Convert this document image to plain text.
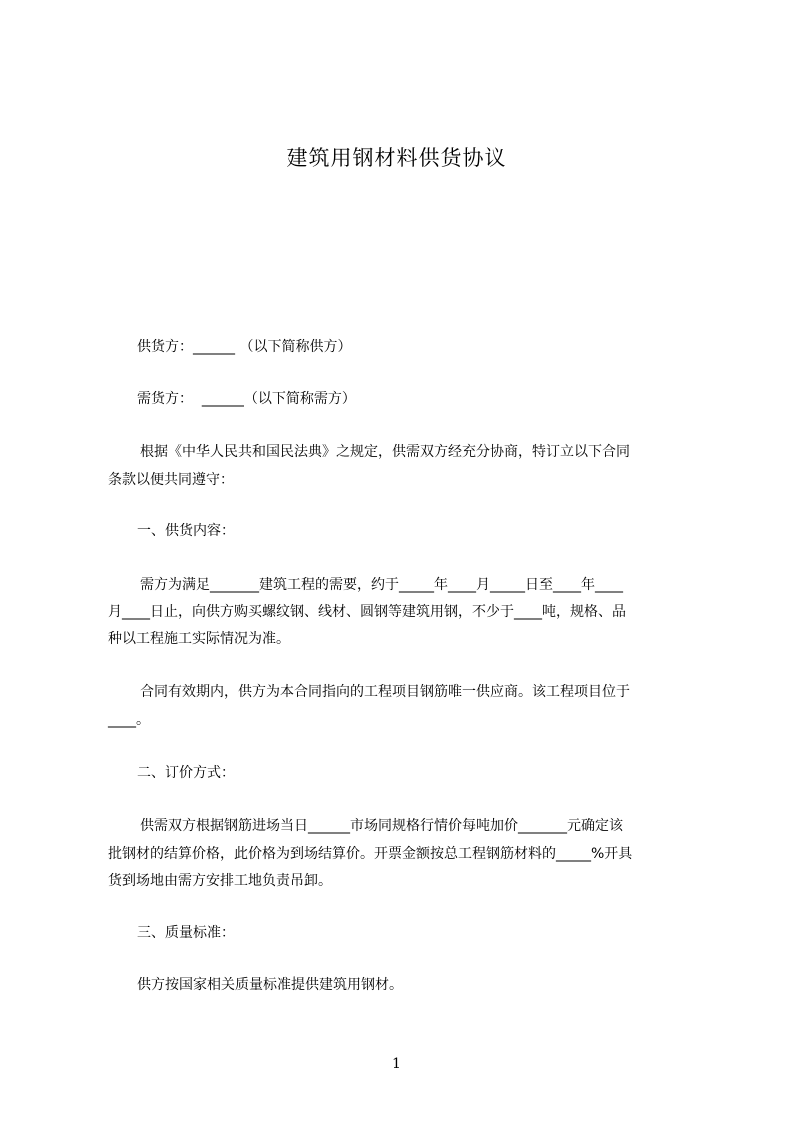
建筑用钢材料供货协议
供货方：______ （以下简称供方）
需货方：  ______（以下简称需方）
根据《中华人民共和国民法典》之规定，供需双方经充分协商，特订立以下合同
条款以便共同遵守：
一、供货内容：
需方为满足_______建筑工程的需要，约于_____年____月_____日至____年____
月____日止，向供方购买螺纹钢、线材、圆钢等建筑用钢，不少于____吨，规格、品
种以工程施工实际情况为准。
合同有效期内，供方为本合同指向的工程项目钢筋唯一供应商。该工程项目位于
____。
二、订价方式：
供需双方根据钢筋进场当日______市场同规格行情价每吨加价_______元确定该
批钢材的结算价格，此价格为到场结算价。开票金额按总工程钢筋材料的_____%开具
货到场地由需方安排工地负责吊卸。
三、质量标准：
供方按国家相关质量标准提供建筑用钢材。
1
